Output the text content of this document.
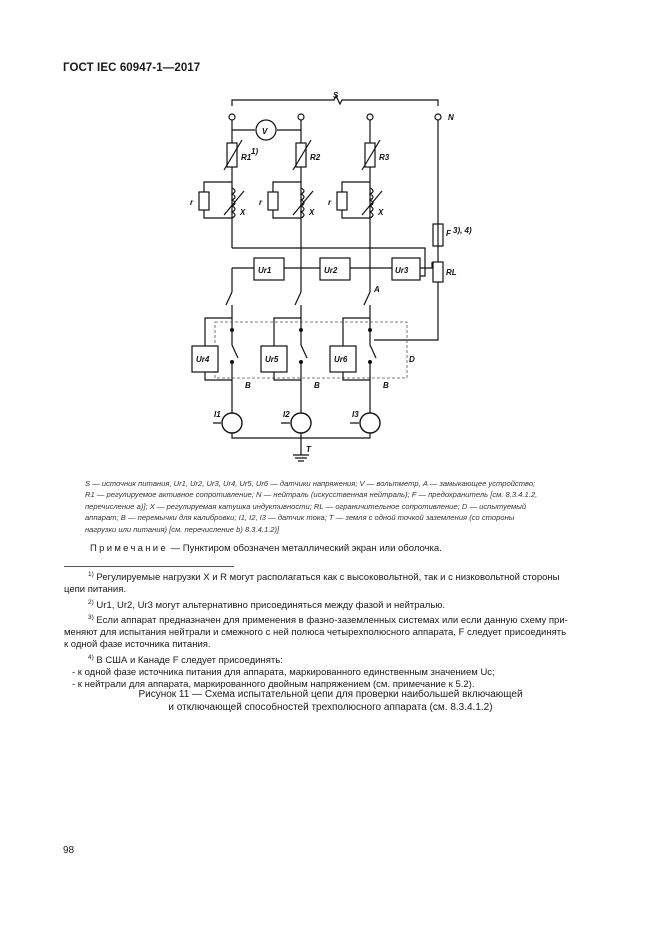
ГОСТ IEC 60947-1—2017
S
N
V
R1	R2	R3
1)
r	r	r
X	X	X
Ur1	Ur2	Ur3
F 3), 4)
RL
A
D
Ur4	Ur5	Ur6
B	B	B
I1	I2	I3
T

S — источник питания, Ur1, Ur2, Ur3, Ur4, Ur5, Ur6 — датчики напряжения; V — вольтметр, A — замыкающее устройство;

R1 — регулируемое активное сопротивление; N — нейтраль (искусственная нейтраль); F — предохранитель [см. 8.3.4.1.2,

перечисление a)]; X — регулируемая катушка индуктивности; RL — ограничительное сопротивление; D — испытуемый

аппарат; B — перемычки для калибровки; I1, I2, I3 — датчик тока; T — земля с одной точкой заземления (со стороны

нагрузки или питания) [см. перечисление b) 8.3.4.1.2)]

Примечание — Пунктиром обозначен металлический экран или оболочка.

$^{1)}$ Регулируемые нагрузки X и R могут располагаться как с высоковольтной, так и с низковольтной стороны

цепи питания.

$^{2)}$ Ur1, Ur2, Ur3 могут альтернативно присоединяться между фазой и нейтралью.

$^{3)}$ Если аппарат предназначен для применения в фазно-заземленных системах или если данную схему при-

меняют для испытания нейтрали и смежного с ней полюса четырехполюсного аппарата, F следует присоединять

к одной фазе источника питания.

$^{4)}$ В США и Канаде F следует присоединять:

- к одной фазе источника питания для аппарата, маркированного единственным значением Uc;

- к нейтрали для аппарата, маркированного двойным напряжением (см. примечание к 5.2).

Рисунок 11 — Схема испытательной цепи для проверки наибольшей включающей
и отключающей способностей трехполюсного аппарата (см. 8.3.4.1.2)
98
